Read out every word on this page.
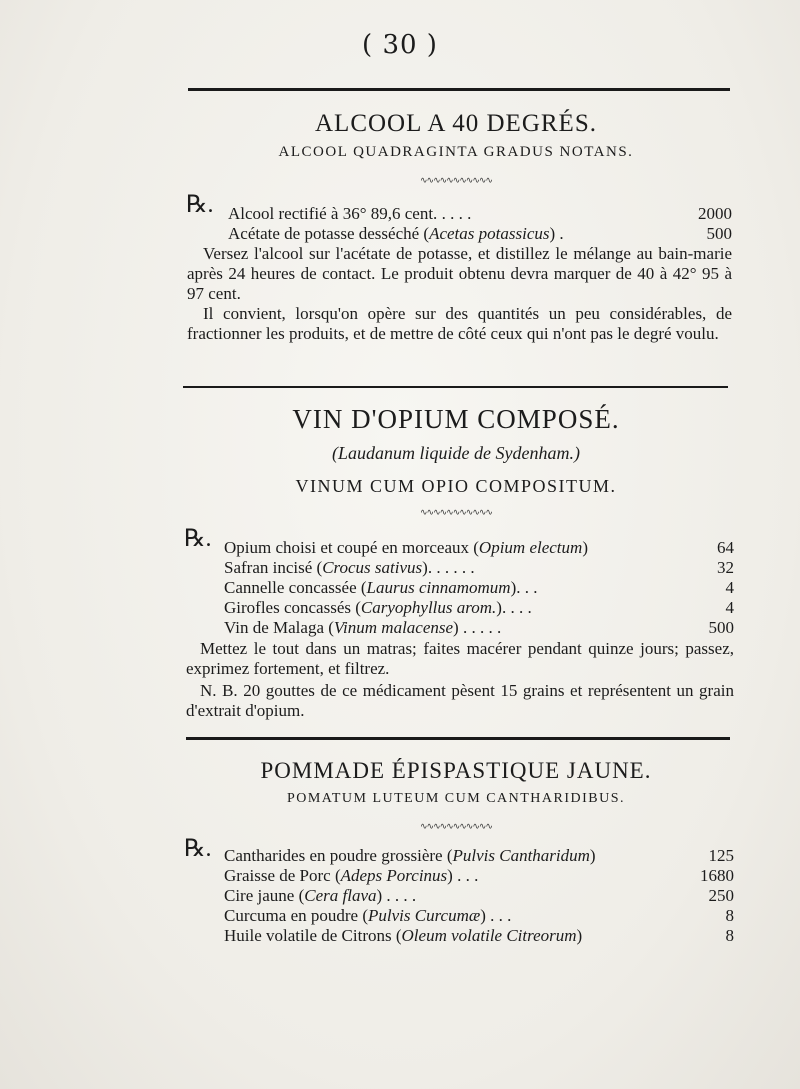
( 30 )
ALCOOL A 40 DEGRÉS.
ALCOOL QUADRAGINTA GRADUS NOTANS.
∿∿∿∿∿∿∿∿∿∿∿
℞. Alcool rectifié à 36° 89,6 cent. . . . .	2000
Acétate de potasse desséché (Acetas potassicus) .	500
Versez l'alcool sur l'acétate de potasse, et distillez le mélange au bain-marie après 24 heures de contact. Le produit obtenu devra marquer de 40 à 42° 95 à 97 cent.
Il convient, lorsqu'on opère sur des quantités un peu considérables, de fractionner les produits, et de mettre de côté ceux qui n'ont pas le degré voulu.
VIN D'OPIUM COMPOSÉ.
(Laudanum liquide de Sydenham.)
VINUM CUM OPIO COMPOSITUM.
∿∿∿∿∿∿∿∿∿∿∿
℞. Opium choisi et coupé en morceaux (Opium electum)	64
Safran incisé (Crocus sativus). . . . . .	32
Cannelle concassée (Laurus cinnamomum). . .	4
Girofles concassés (Caryophyllus arom.). . . .	4
Vin de Malaga (Vinum malacense) . . . . .	500
Mettez le tout dans un matras; faites macérer pendant quinze jours; passez, exprimez fortement, et filtrez.
N. B. 20 gouttes de ce médicament pèsent 15 grains et représentent un grain d'extrait d'opium.
POMMADE ÉPISPASTIQUE JAUNE.
POMATUM LUTEUM CUM CANTHARIDIBUS.
∿∿∿∿∿∿∿∿∿∿∿
℞. Cantharides en poudre grossière (Pulvis Cantharidum)	125
Graisse de Porc (Adeps Porcinus) . . .	1680
Cire jaune (Cera flava) . . . .	250
Curcuma en poudre (Pulvis Curcumæ) . . .	8
Huile volatile de Citrons (Oleum volatile Citreorum)	8
